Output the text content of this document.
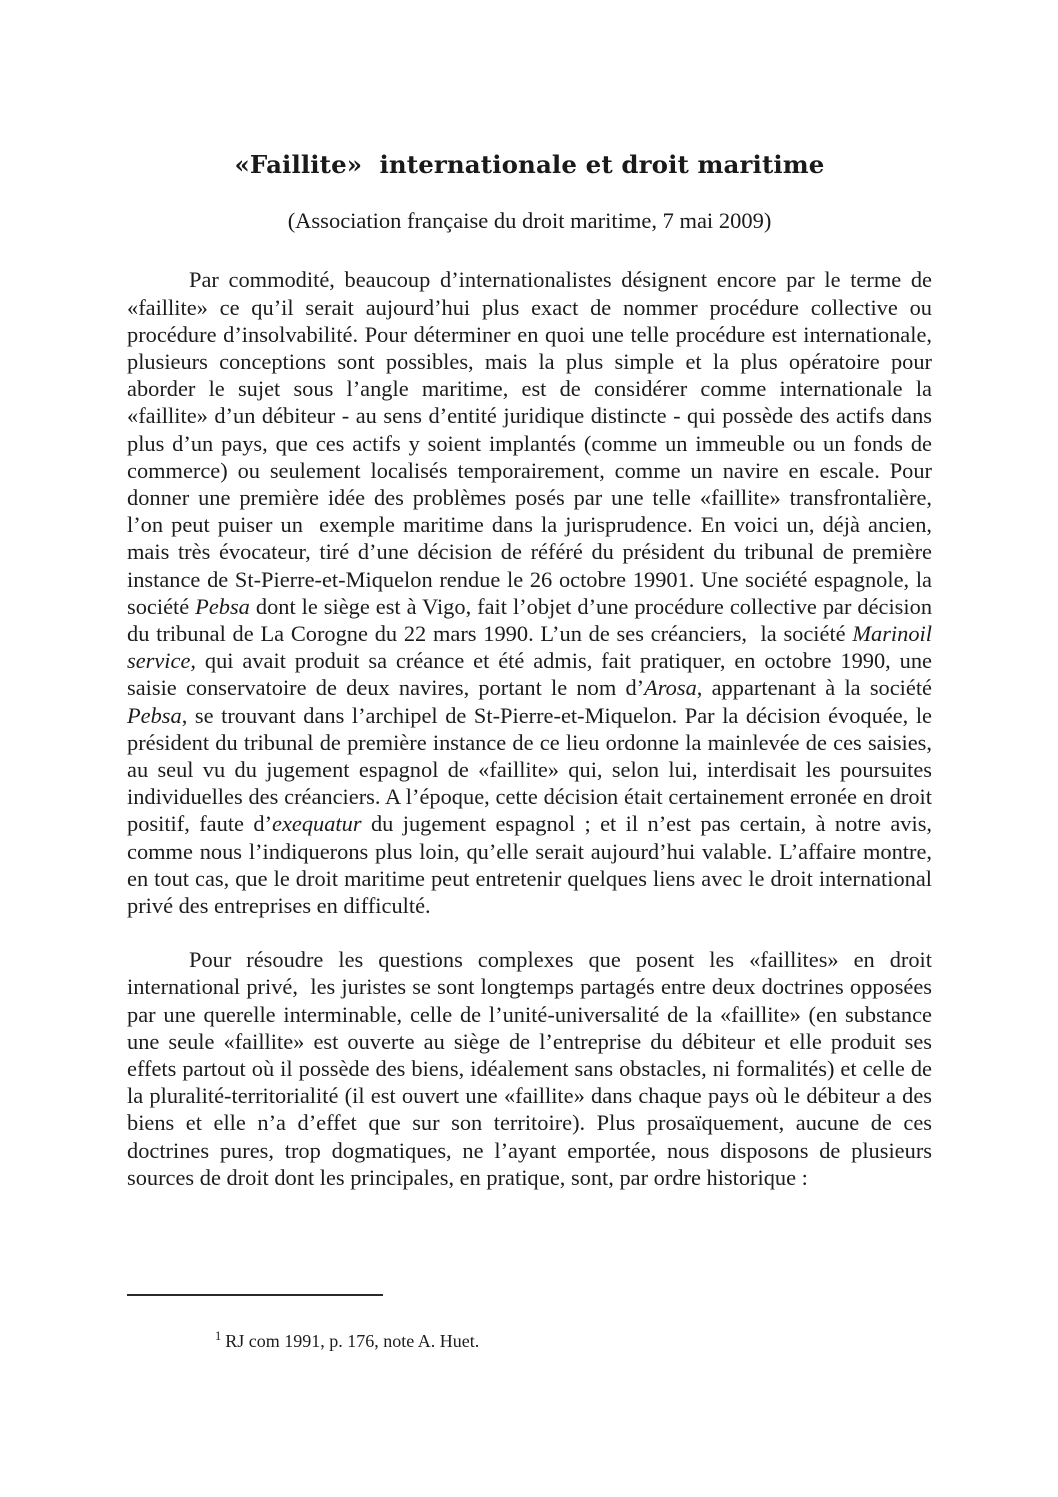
«Faillite»  internationale et droit maritime

(Association française du droit maritime, 7 mai 2009)

Par commodité, beaucoup d’internationalistes désignent encore par le terme de «faillite» ce qu’il serait aujourd’hui plus exact de nommer procédure collective ou procédure d’insolvabilité. Pour déterminer en quoi une telle procédure est internationale, plusieurs conceptions sont possibles, mais la plus simple et la plus opératoire pour aborder le sujet sous l’angle maritime, est de considérer comme internationale la «faillite» d’un débiteur - au sens d’entité juridique distincte - qui possède des actifs dans plus d’un pays, que ces actifs y soient implantés (comme un immeuble ou un fonds de commerce) ou seulement localisés temporairement, comme un navire en escale. Pour donner une première idée des problèmes posés par une telle «faillite» transfrontalière, l’on peut puiser un  exemple maritime dans la jurisprudence. En voici un, déjà ancien, mais très évocateur, tiré d’une décision de référé du président du tribunal de première instance de St-Pierre-et-Miquelon rendue le 26 octobre 19901. Une société espagnole, la société Pebsa dont le siège est à Vigo, fait l’objet d’une procédure collective par décision du tribunal de La Corogne du 22 mars 1990. L’un de ses créanciers,  la société Marinoil service, qui avait produit sa créance et été admis, fait pratiquer, en octobre 1990, une saisie conservatoire de deux navires, portant le nom d’Arosa, appartenant à la société Pebsa, se trouvant dans l’archipel de St-Pierre-et-Miquelon. Par la décision évoquée, le président du tribunal de première instance de ce lieu ordonne la mainlevée de ces saisies, au seul vu du jugement espagnol de «faillite» qui, selon lui, interdisait les poursuites individuelles des créanciers. A l’époque, cette décision était certainement erronée en droit positif, faute d’exequatur du jugement espagnol ; et il n’est pas certain, à notre avis, comme nous l’indiquerons plus loin, qu’elle serait aujourd’hui valable. L’affaire montre, en tout cas, que le droit maritime peut entretenir quelques liens avec le droit international privé des entreprises en difficulté.

Pour résoudre les questions complexes que posent les «faillites» en droit international privé,  les juristes se sont longtemps partagés entre deux doctrines opposées par une querelle interminable, celle de l’unité-universalité de la «faillite» (en substance une seule «faillite» est ouverte au siège de l’entreprise du débiteur et elle produit ses effets partout où il possède des biens, idéalement sans obstacles, ni formalités) et celle de la pluralité-territorialité (il est ouvert une «faillite» dans chaque pays où le débiteur a des biens et elle n’a d’effet que sur son territoire). Plus prosaïquement, aucune de ces doctrines pures, trop dogmatiques, ne l’ayant emportée, nous disposons de plusieurs sources de droit dont les principales, en pratique, sont, par ordre historique :

$^1$ RJ com 1991, p. 176, note A. Huet.
